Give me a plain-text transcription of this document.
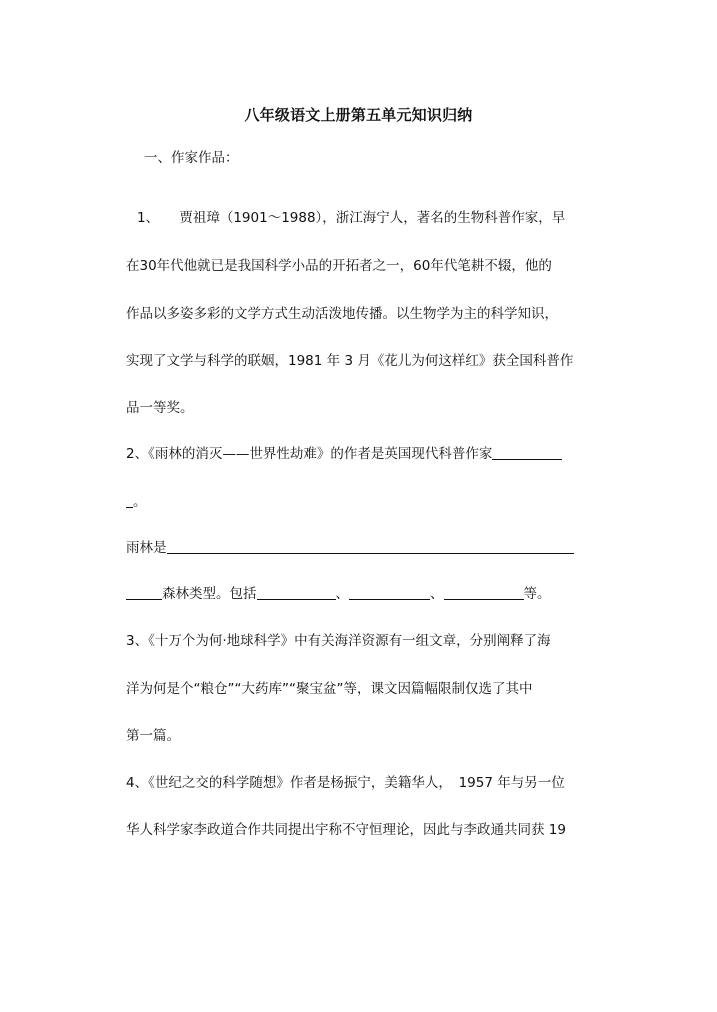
八年级语文上册第五单元知识归纳
一、作家作品：
1、　　贾祖璋（1901～1988），浙江海宁人，著名的生物科普作家，早
在30年代他就已是我国科学小品的开拓者之一，60年代笔耕不辍，他的
作品以多姿多彩的文学方式生动活泼地传播。以生物学为主的科学知识，
实现了文学与科学的联姻，1981 年 3 月《花儿为何这样红》获全国科普作
品一等奖。
2、《雨林的消灭——世界性劫难》的作者是英国现代科普作家
。
雨林是
森林类型。包括	、	、	等。
3、《十万个为何·地球科学》中有关海洋资源有一组文章，分别阐释了海
洋为何是个“粮仓”“大药库”“聚宝盆”等，课文因篇幅限制仅选了其中
第一篇。
4、《世纪之交的科学随想》作者是杨振宁，美籍华人，　1957 年与另一位
华人科学家李政道合作共同提出宇称不守恒理论，因此与李政通共同获 19
